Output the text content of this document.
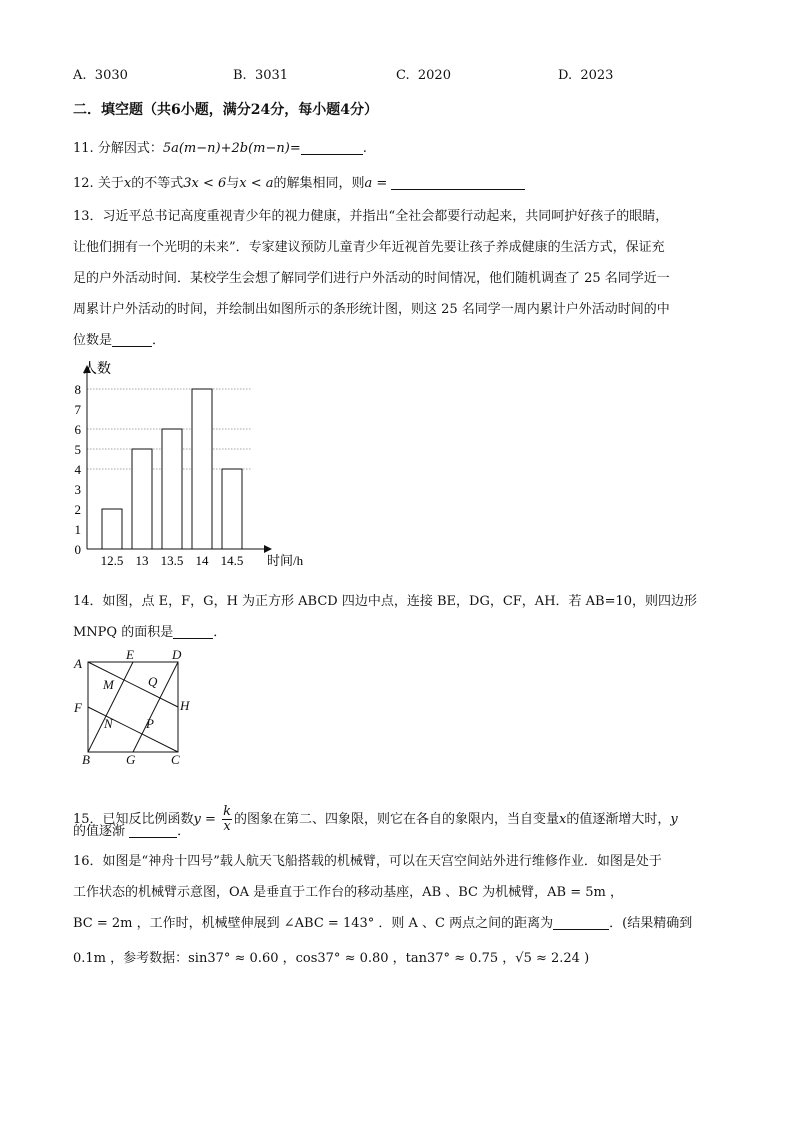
A. 3030	B. 3031	C. 2020	D. 2023
二．填空题（共6小题，满分24分，每小题4分）
11. 分解因式：5a(m−n)+2b(m−n)=	.
12. 关于x的不等式3x < 6与x < a的解集相同，则a =
13．习近平总书记高度重视青少年的视力健康，并指出“全社会都要行动起来，共同呵护好孩子的眼睛，
让他们拥有一个光明的未来”．专家建议预防儿童青少年近视首先要让孩子养成健康的生活方式，保证充
足的户外活动时间．某校学生会想了解同学们进行户外活动的时间情况，他们随机调查了 25 名同学近一
周累计户外活动的时间，并绘制出如图所示的条形统计图，则这 25 名同学一周内累计户外活动时间的中
位数是	．
0
1
2
3
4
5
6
7
8
12.5 13 13.5 14 14.5
人数
时间/h
14．如图，点 E，F，G，H 为正方形 ABCD 四边中点，连接 BE，DG，CF，AH．若 AB=10，则四边形
MNPQ 的面积是	．
A
E	D
F	H
B	G	C
M	Q
N	P
15．已知反比例函数$y = \frac{k}{x}$ 的图象在第二、四象限，则它在各自的象限内，当自变量x的值逐渐增大时，y
的值逐渐	．
16．如图是“神舟十四号”载人航天飞船搭载的机械臂，可以在天宫空间站外进行维修作业．如图是处于
工作状态的机械臂示意图，OA 是垂直于工作台的移动基座，AB 、BC 为机械臂，AB = 5m ，
BC = 2m ，工作时，机械壁伸展到 ∠ABC = 143° ．则 A 、C 两点之间的距离为	．(结果精确到
0.1m ，参考数据：sin37° ≈ 0.60 ，cos37° ≈ 0.80 ，tan37° ≈ 0.75 ，√5 ≈ 2.24 )
